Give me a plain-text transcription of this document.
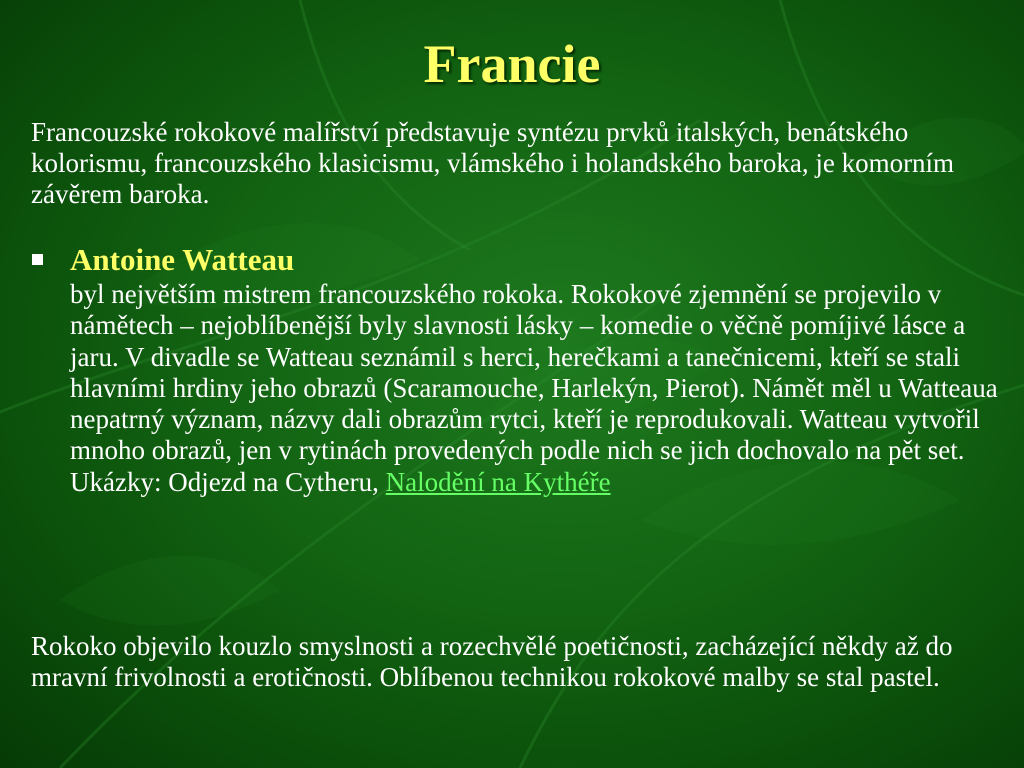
Francie

Francouzské rokokové malířství představuje syntézu prvků italských, benátského kolorismu, francouzského klasicismu, vlámského i holandského baroka, je komorním závěrem baroka.

Antoine Watteau

byl největším mistrem francouzského rokoka. Rokokové zjemnění se projevilo v námětech – nejoblíbenější byly slavnosti lásky – komedie o věčně pomíjivé lásce a jaru. V divadle se Watteau seznámil s herci, herečkami a tanečnicemi, kteří se stali hlavními hrdiny jeho obrazů (Scaramouche, Harlekýn, Pierot). Námět měl u Watteaua nepatrný význam, názvy dali obrazům rytci, kteří je reprodukovali. Watteau vytvořil mnoho obrazů, jen v rytinách provedených podle nich se jich dochovalo na pět set.

Ukázky: Odjezd na Cytheru, Nalodění na Kythéře

Rokoko objevilo kouzlo smyslnosti a rozechvělé poetičnosti, zacházející někdy až do mravní frivolnosti a erotičnosti. Oblíbenou technikou rokokové malby se stal pastel.
